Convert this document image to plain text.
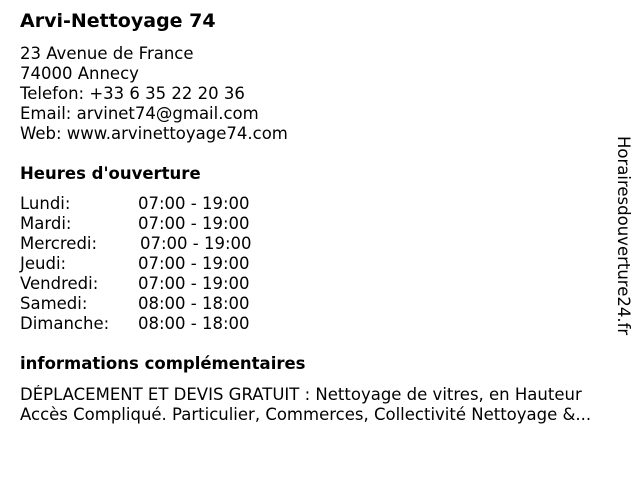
Arvi-Nettoyage 74
23 Avenue de France
74000 Annecy
Telefon: +33 6 35 22 20 36
Email: arvinet74@gmail.com
Web: www.arvinettoyage74.com
Heures d'ouverture
Lundi:	07:00 - 19:00
Mardi:	07:00 - 19:00
Mercredi:	07:00 - 19:00
Jeudi:	07:00 - 19:00
Vendredi: 07:00 - 19:00
Samedi:	08:00 - 18:00
Dimanche: 08:00 - 18:00
informations complémentaires
DÉPLACEMENT ET DEVIS GRATUIT : Nettoyage de vitres, en Hauteur
Accès Compliqué. Particulier, Commerces, Collectivité Nettoyage &...
Horairesdouverture24.fr
